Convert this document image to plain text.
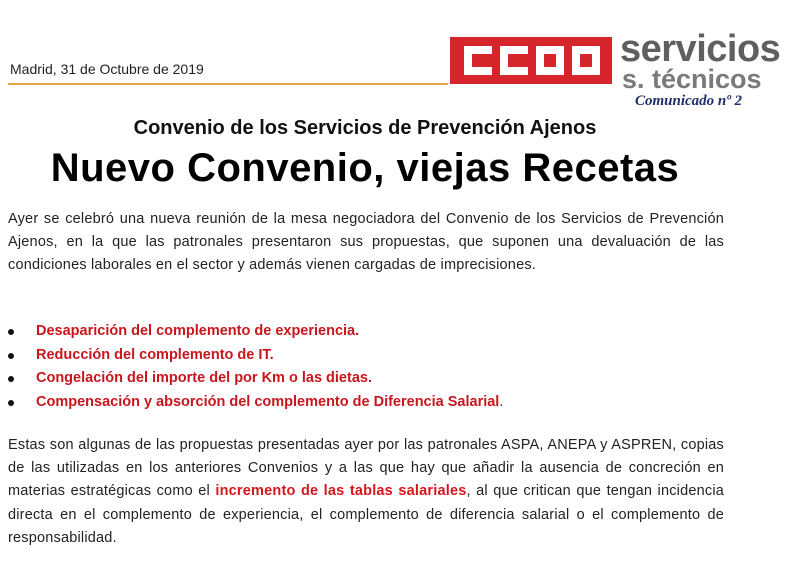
Madrid, 31 de Octubre de 2019	servicios
s. técnicos
Comunicado nº 2
Convenio de los Servicios de Prevención Ajenos
Nuevo Convenio, viejas Recetas
Ayer se celebró una nueva reunión de la mesa negociadora del Convenio de los Servicios de Prevención Ajenos, en la que las patronales presentaron sus propuestas, que suponen una devaluación de las condiciones laborales en el sector y además vienen cargadas de imprecisiones.
Desaparición del complemento de experiencia.
Reducción del complemento de IT.
Congelación del importe del por Km o las dietas.
Compensación y absorción del complemento de Diferencia Salarial.
Estas son algunas de las propuestas presentadas ayer por las patronales ASPA, ANEPA y ASPREN, copias de las utilizadas en los anteriores Convenios y a las que hay que añadir la ausencia de concreción en materias estratégicas como el incremento de las tablas salariales, al que critican que tengan incidencia directa en el complemento de experiencia, el complemento de diferencia salarial o el complemento de responsabilidad.
